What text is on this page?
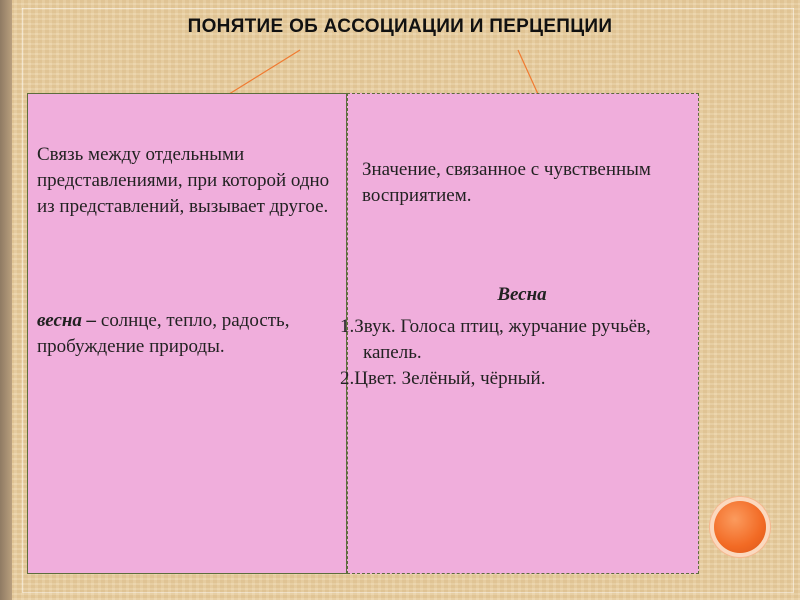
ПОНЯТИЕ ОБ АССОЦИАЦИИ И ПЕРЦЕПЦИИ
Связь между отдельными представлениями, при которой одно из представлений, вызывает другое.
весна – солнце, тепло, радость, пробуждение природы.
Значение, связанное с чувственным восприятием.
Весна
1.Звук. Голоса птиц, журчание ручьёв, капель.
2.Цвет. Зелёный, чёрный.
